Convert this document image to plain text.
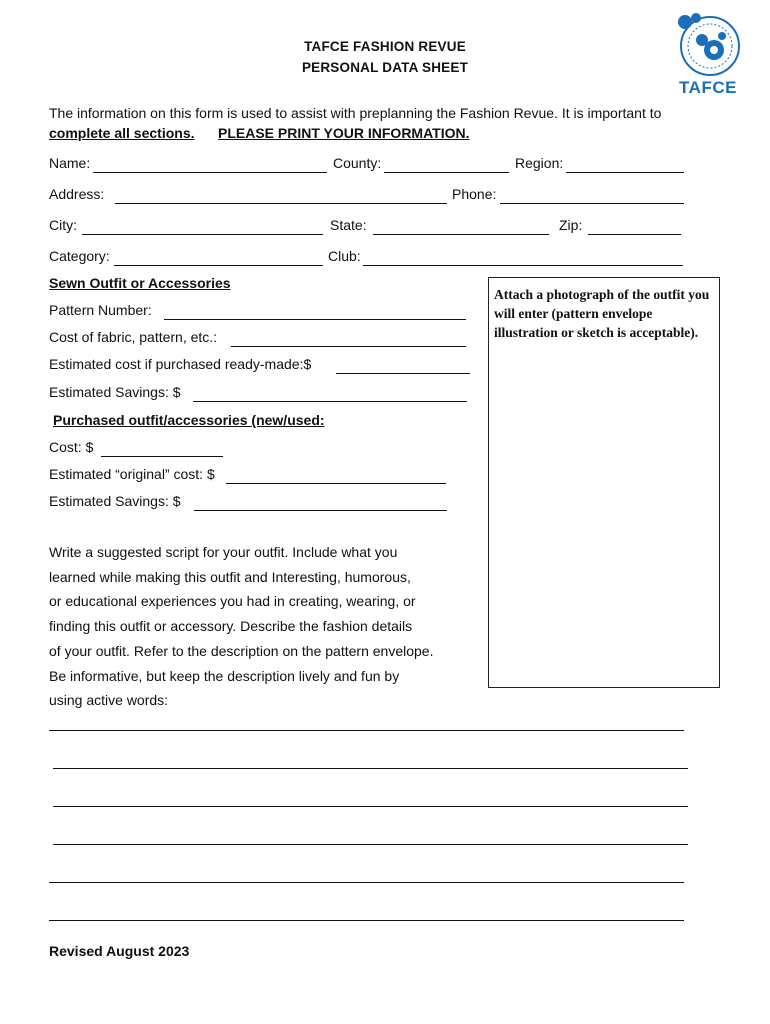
TAFCE FASHION REVUE
PERSONAL DATA SHEET
TAFCE
The information on this form is used to assist with preplanning the Fashion Revue. It is important to
complete all sections. PLEASE PRINT YOUR INFORMATION.
Name:	County:	Region:
Address:	Phone:
City:	State:	Zip:
Category:	Club:
Sewn Outfit or Accessories
Pattern Number:
Cost of fabric, pattern, etc.:
Estimated cost if purchased ready-made:$
Estimated Savings: $
Purchased outfit/accessories (new/used:
Cost: $
Estimated “original” cost: $
Estimated Savings: $
Attach a photograph of the outfit you will enter (pattern envelope illustration or sketch is acceptable).
Write a suggested script for your outfit. Include what you
learned while making this outfit and Interesting, humorous,
or educational experiences you had in creating, wearing, or
finding this outfit or accessory. Describe the fashion details
of your outfit. Refer to the description on the pattern envelope.
Be informative, but keep the description lively and fun by
using active words:
Revised August 2023
